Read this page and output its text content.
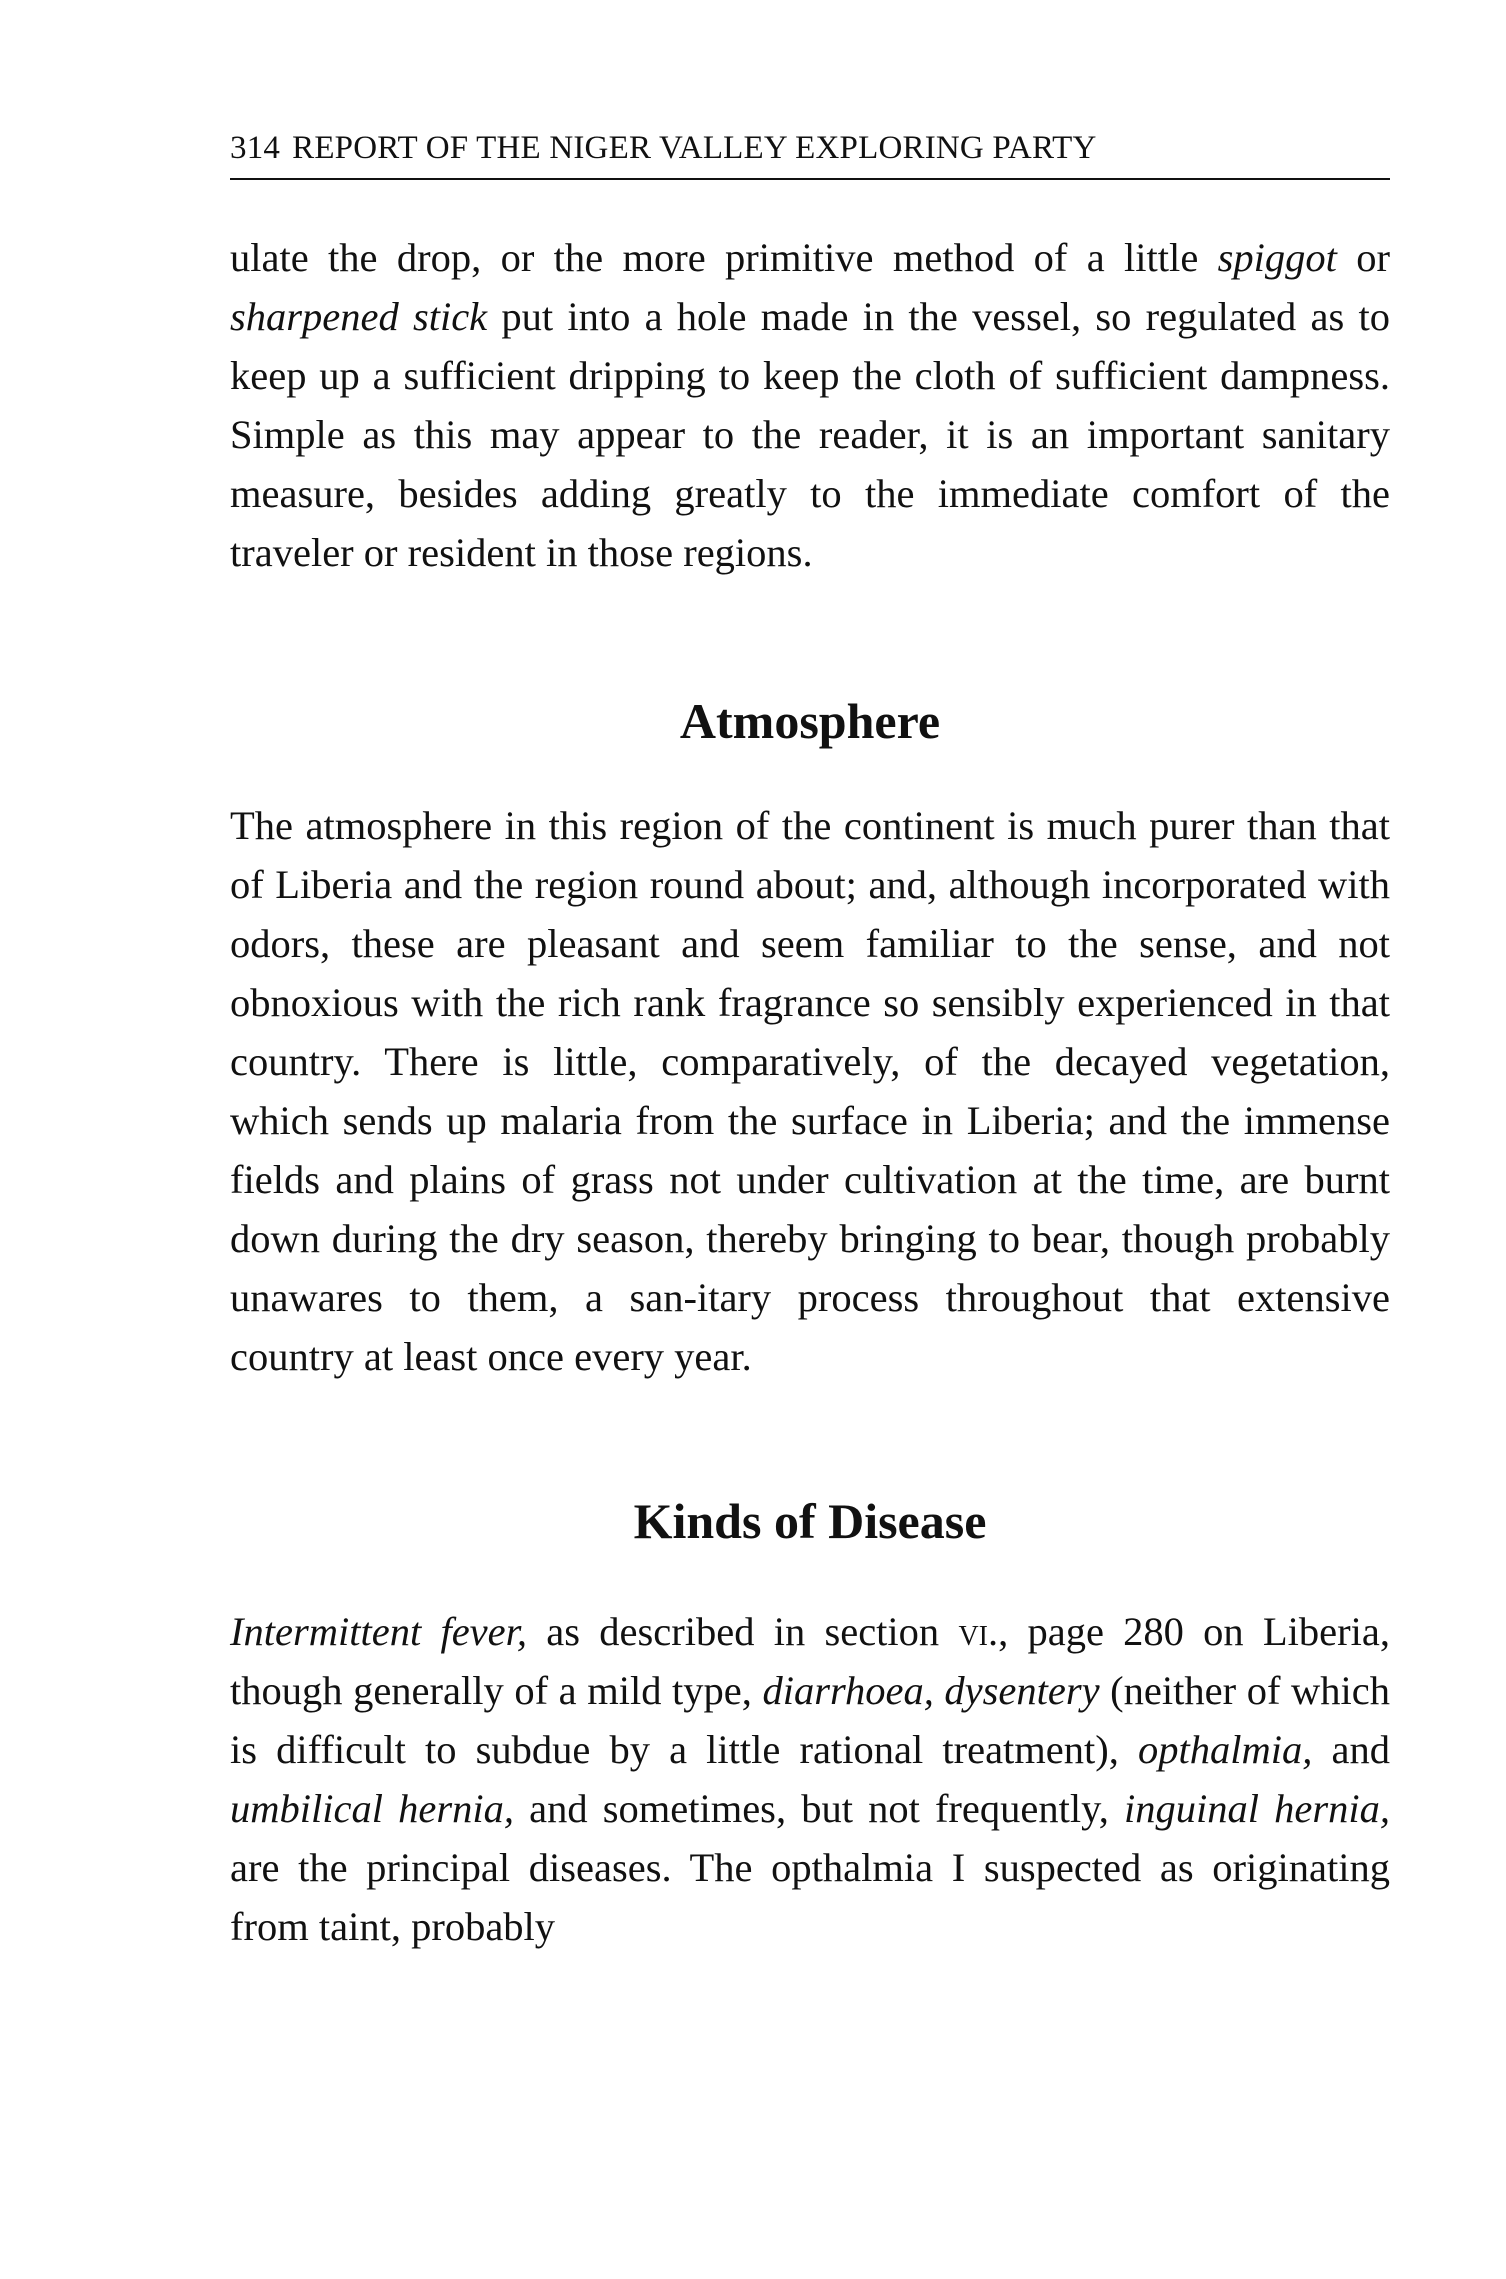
314 REPORT OF THE NIGER VALLEY EXPLORING PARTY

ulate the drop, or the more primitive method of a little spiggot or sharpened stick put into a hole made in the vessel, so regulated as to keep up a sufficient dripping to keep the cloth of sufficient dampness. Simple as this may appear to the reader, it is an important sanitary measure, besides adding greatly to the immediate comfort of the traveler or resident in those regions.

Atmosphere

The atmosphere in this region of the continent is much purer than that of Liberia and the region round about; and, although incorporated with odors, these are pleasant and seem familiar to the sense, and not obnoxious with the rich rank fragrance so sensibly experienced in that country. There is little, comparatively, of the decayed vegetation, which sends up malaria from the surface in Liberia; and the immense fields and plains of grass not under cultivation at the time, are burnt down during the dry season, thereby bringing to bear, though probably unawares to them, a san-itary process throughout that extensive country at least once every year.

Kinds of Disease

Intermittent fever, as described in section vi., page 280 on Liberia, though generally of a mild type, diarrhoea, dysentery (neither of which is difficult to subdue by a little rational treatment), opthalmia, and umbilical hernia, and sometimes, but not frequently, inguinal hernia, are the principal diseases. The opthalmia I suspected as originating from taint, probably
